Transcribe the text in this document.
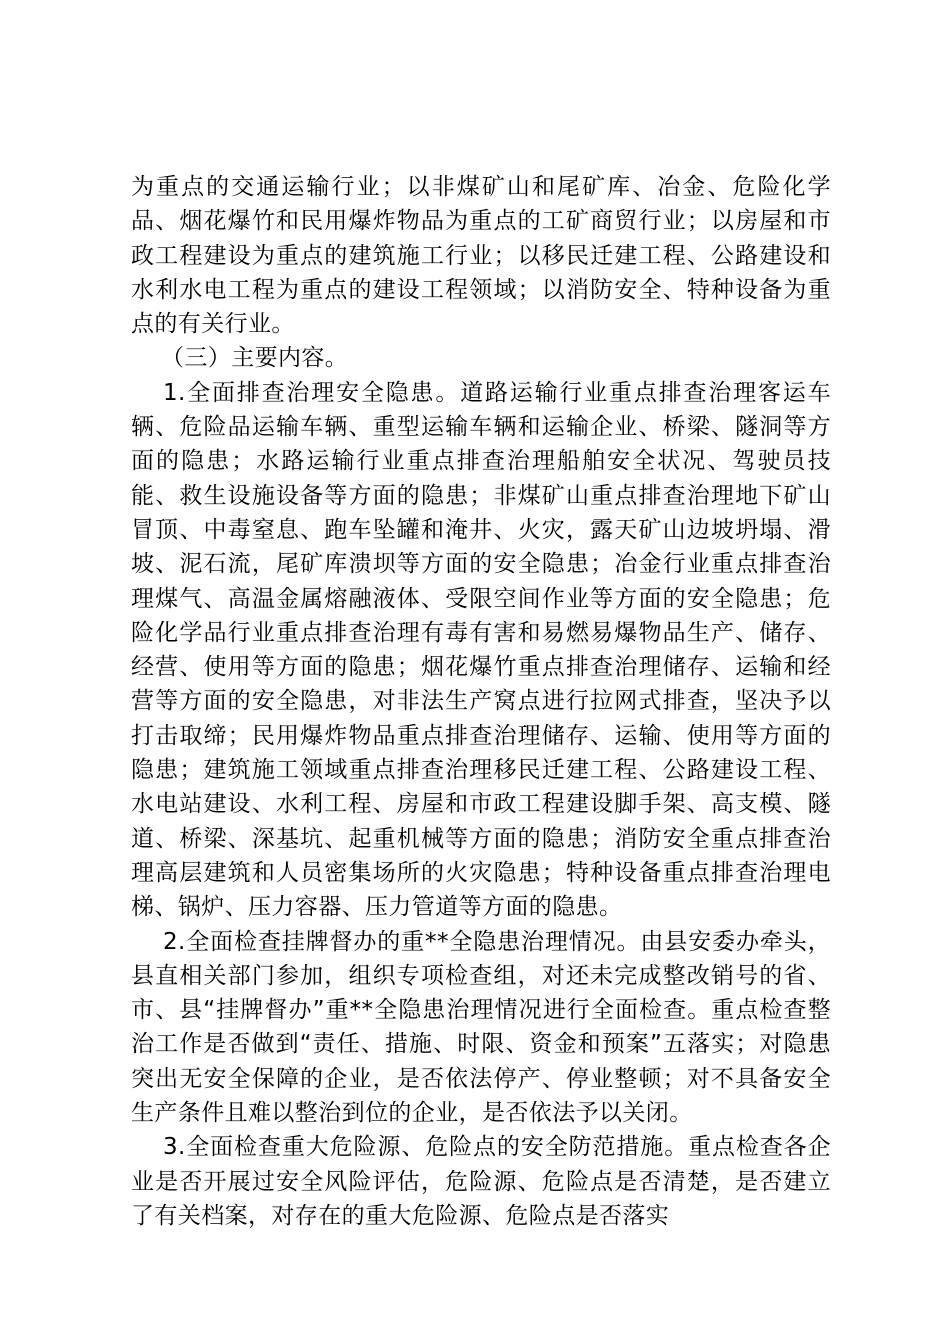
为重点的交通运输行业；以非煤矿山和尾矿库、冶金、危险化学品、烟花爆竹和民用爆炸物品为重点的工矿商贸行业；以房屋和市政工程建设为重点的建筑施工行业；以移民迁建工程、公路建设和水利水电工程为重点的建设工程领域；以消防安全、特种设备为重点的有关行业。

（三）主要内容。

1.全面排查治理安全隐患。道路运输行业重点排查治理客运车辆、危险品运输车辆、重型运输车辆和运输企业、桥梁、隧洞等方面的隐患；水路运输行业重点排查治理船舶安全状况、驾驶员技能、救生设施设备等方面的隐患；非煤矿山重点排查治理地下矿山冒顶、中毒窒息、跑车坠罐和淹井、火灾，露天矿山边坡坍塌、滑坡、泥石流，尾矿库溃坝等方面的安全隐患；冶金行业重点排查治理煤气、高温金属熔融液体、受限空间作业等方面的安全隐患；危险化学品行业重点排查治理有毒有害和易燃易爆物品生产、储存、经营、使用等方面的隐患；烟花爆竹重点排查治理储存、运输和经营等方面的安全隐患，对非法生产窝点进行拉网式排查，坚决予以打击取缔；民用爆炸物品重点排查治理储存、运输、使用等方面的隐患；建筑施工领域重点排查治理移民迁建工程、公路建设工程、水电站建设、水利工程、房屋和市政工程建设脚手架、高支模、隧道、桥梁、深基坑、起重机械等方面的隐患；消防安全重点排查治理高层建筑和人员密集场所的火灾隐患；特种设备重点排查治理电梯、锅炉、压力容器、压力管道等方面的隐患。

2.全面检查挂牌督办的重**全隐患治理情况。由县安委办牵头，县直相关部门参加，组织专项检查组，对还未完成整改销号的省、市、县“挂牌督办”重**全隐患治理情况进行全面检查。重点检查整治工作是否做到“责任、措施、时限、资金和预案”五落实；对隐患突出无安全保障的企业，是否依法停产、停业整顿；对不具备安全生产条件且难以整治到位的企业，是否依法予以关闭。

3.全面检查重大危险源、危险点的安全防范措施。重点检查各企业是否开展过安全风险评估，危险源、危险点是否清楚，是否建立了有关档案，对存在的重大危险源、危险点是否落实
